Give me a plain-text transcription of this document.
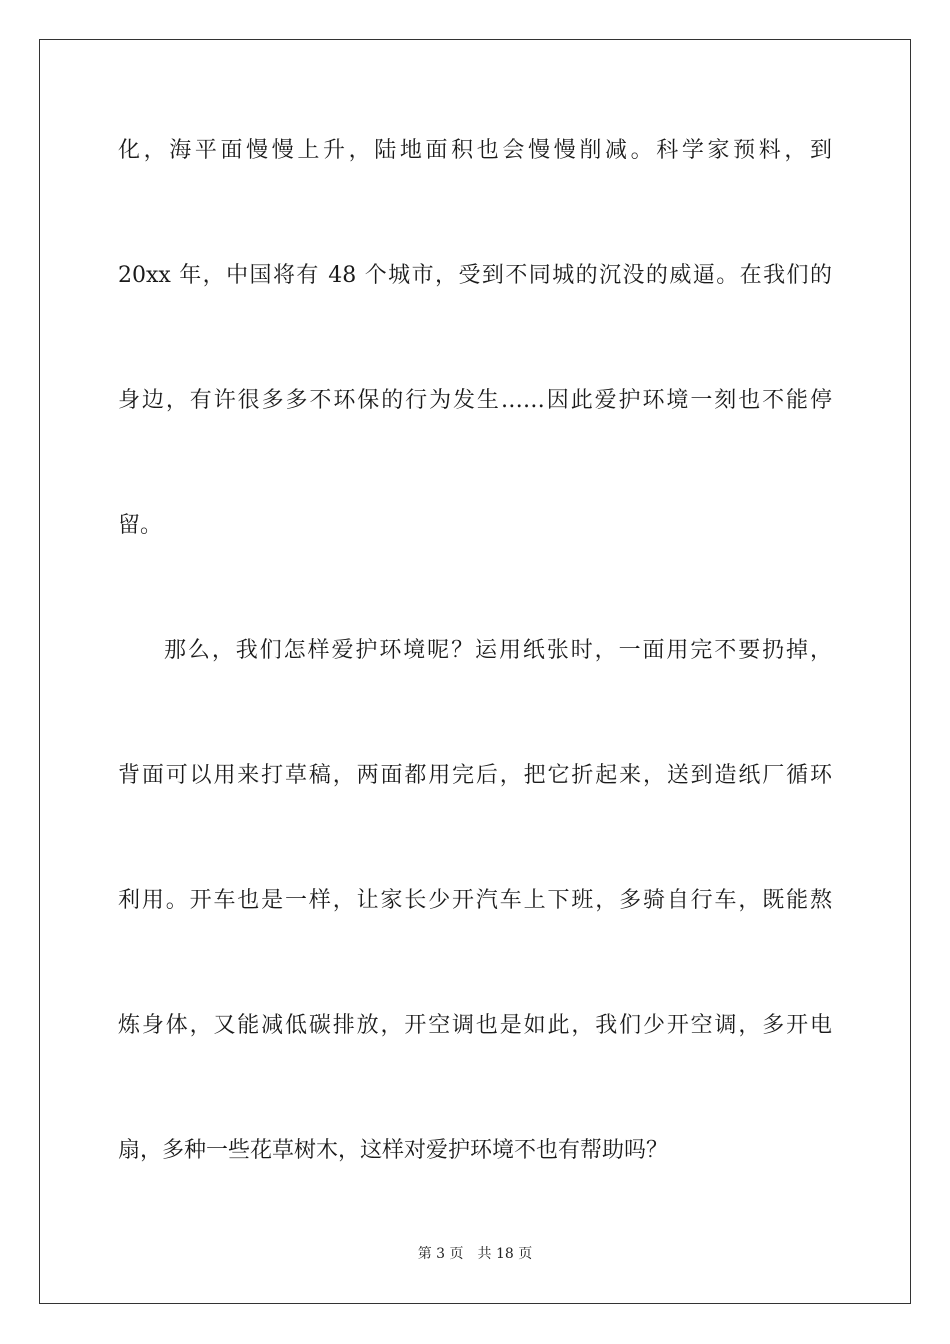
化，海平面慢慢上升，陆地面积也会慢慢削减。科学家预料，到
20xx 年，中国将有 48 个城市，受到不同城的沉没的威逼。在我们的
身边，有许很多多不环保的行为发生……因此爱护环境一刻也不能停
留。
那么，我们怎样爱护环境呢？运用纸张时，一面用完不要扔掉，
背面可以用来打草稿，两面都用完后，把它折起来，送到造纸厂循环
利用。开车也是一样，让家长少开汽车上下班，多骑自行车，既能熬
炼身体，又能减低碳排放，开空调也是如此，我们少开空调，多开电
扇，多种一些花草树木，这样对爱护环境不也有帮助吗？
第 3 页 共 18 页
